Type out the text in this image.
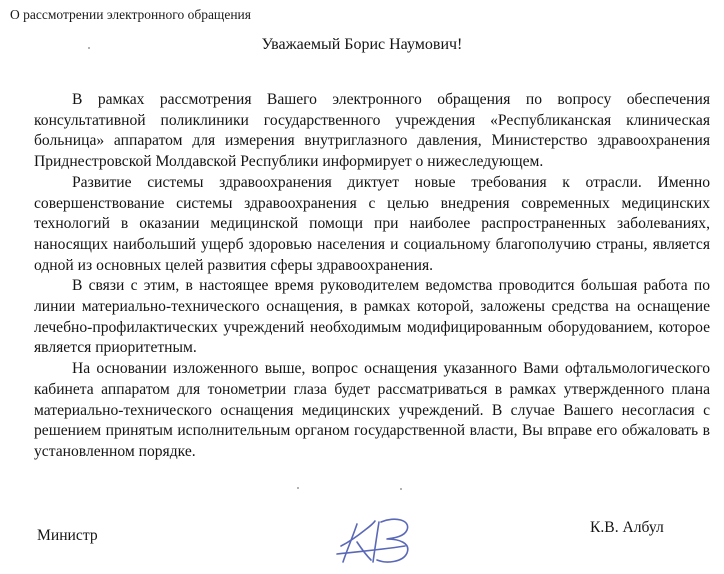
О рассмотрении электронного обращения
Уважаемый Борис Наумович!

В рамках рассмотрения Вашего электронного обращения по вопросу обеспечения консультативной поликлиники государственного учреждения «Республиканская клиническая больница» аппаратом для измерения внутриглазного давления, Министерство здравоохранения Приднестровской Молдавской Республики информирует о нижеследующем.

Развитие системы здравоохранения диктует новые требования к отрасли. Именно совершенствование системы здравоохранения с целью внедрения современных медицинских технологий в оказании медицинской помощи при наиболее распространенных заболеваниях, наносящих наибольший ущерб здоровью населения и социальному благополучию страны, является одной из основных целей развития сферы здравоохранения.

В связи с этим, в настоящее время руководителем ведомства проводится большая работа по линии материально-технического оснащения, в рамках которой, заложены средства на оснащение лечебно-профилактических учреждений необходимым модифицированным оборудованием, которое является приоритетным.

На основании изложенного выше, вопрос оснащения указанного Вами офтальмологического кабинета аппаратом для тонометрии глаза будет рассматриваться в рамках утвержденного плана материально-технического оснащения медицинских учреждений. В случае Вашего несогласия с решением принятым исполнительным органом государственной власти, Вы вправе его обжаловать в установленном порядке.

Министр	К.В. Албул
